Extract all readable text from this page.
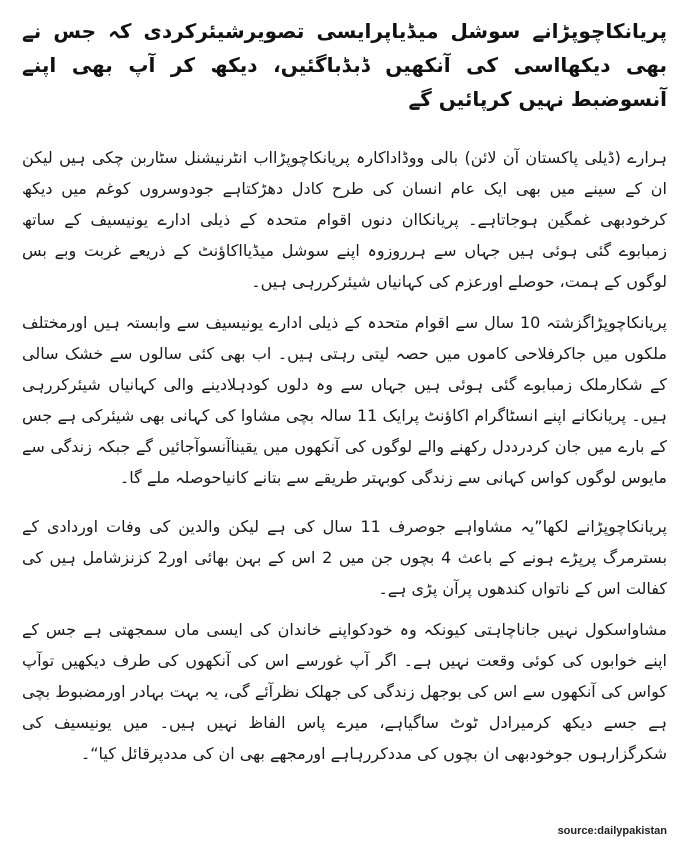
پریانکاچوپڑانے سوشل میڈیاپرایسی تصویرشیئرکردی کہ جس نے بھی دیکھااسی کی آنکھیں ڈبڈباگئیں، دیکھ کر آپ بھی اپنے آنسوضبط نہیں کرپائیں گے

ہرارے (ڈیلی پاکستان آن لائن) بالی ووڈاداکارہ پریانکاچوپڑااب انٹرنیشنل سٹاربن چکی ہیں لیکن ان کے سینے میں بھی ایک عام انسان کی طرح کادل دھڑکتاہے جودوسروں کوغم میں دیکھ کرخودبھی غمگین ہوجاتاہے۔ پریانکاان دنوں اقوام متحدہ کے ذیلی ادارے یونیسیف کے ساتھ زمبابوے گئی ہوئی ہیں جہاں سے ہرروزوہ اپنے سوشل میڈیااکاؤنٹ کے ذریعے غربت وبے بس لوگوں کے ہمت، حوصلے اورعزم کی کہانیاں شیئرکررہی ہیں۔

پریانکاچوپڑاگزشتہ 10 سال سے اقوام متحدہ کے ذیلی ادارے یونیسیف سے وابستہ ہیں اورمختلف ملکوں میں جاکرفلاحی کاموں میں حصہ لیتی رہتی ہیں۔ اب بھی کئی سالوں سے خشک سالی کے شکارملک زمبابوے گئی ہوئی ہیں جہاں سے وہ دلوں کودہلادینے والی کہانیاں شیئرکررہی ہیں۔ پریانکانے اپنے انسٹاگرام اکاؤنٹ پرایک 11 سالہ بچی مشاوا کی کہانی بھی شیئرکی ہے جس کے بارے میں جان کردرددل رکھنے والے لوگوں کی آنکھوں میں یقیناآنسوآجائیں گے جبکہ زندگی سے مایوس لوگوں کواس کہانی سے زندگی کوبہتر طریقے سے بتانے کانیاحوصلہ ملے گا۔

پریانکاچوپڑانے لکھا”یہ مشاواہے جوصرف 11 سال کی ہے لیکن والدین کی وفات اوردادی کے بسترمرگ پرپڑے ہونے کے باعث 4 بچوں جن میں 2 اس کے بہن بھائی اور2 کزنزشامل ہیں کی کفالت اس کے ناتواں کندھوں پرآن پڑی ہے۔

مشاواسکول نہیں جاناچاہتی کیونکہ وہ خودکواپنے خاندان کی ایسی ماں سمجھتی ہے جس کے اپنے خوابوں کی کوئی وقعت نہیں ہے۔ اگر آپ غورسے اس کی آنکھوں کی طرف دیکھیں توآپ کواس کی آنکھوں سے اس کی بوجھل زندگی کی جھلک نظرآئے گی، یہ بہت بہادر اورمضبوط بچی ہے جسے دیکھ کرمیرادل ٹوٹ ساگیاہے، میرے پاس الفاظ نہیں ہیں۔ میں یونیسیف کی شکرگزارہوں جوخودبھی ان بچوں کی مددکررہاہے اورمجھے بھی ان کی مددپرقائل کیا“۔

source:dailypakistan
